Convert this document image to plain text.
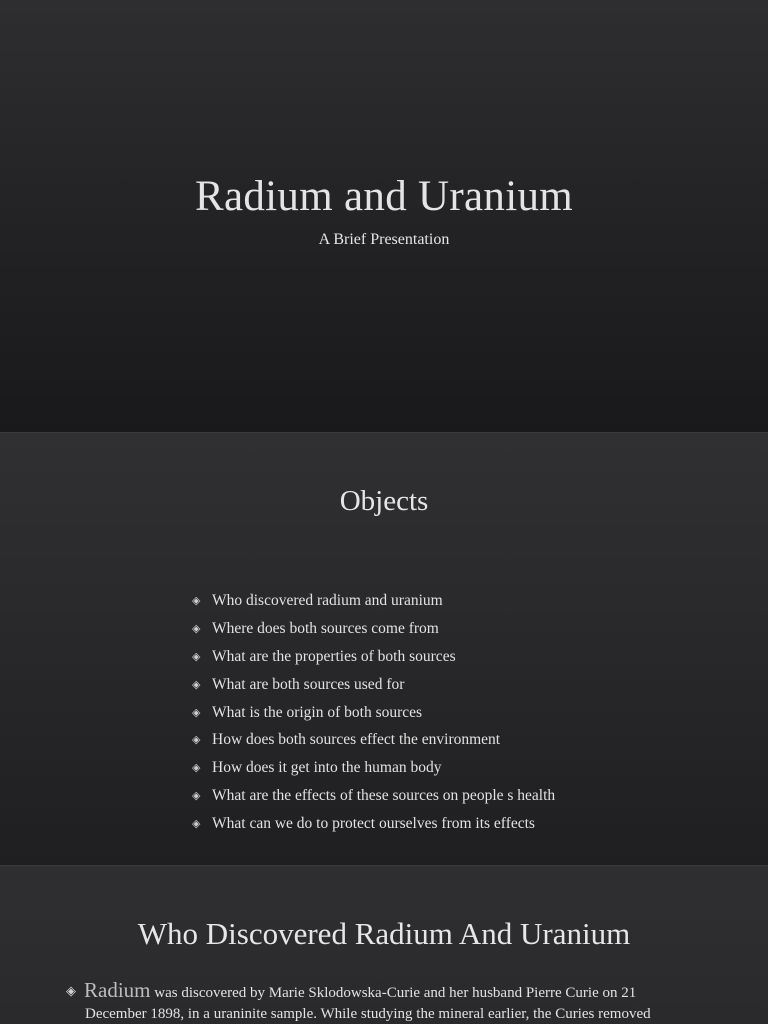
Radium and Uranium
A Brief Presentation
Objects
◈ Who discovered radium and uranium
◈ Where does both sources come from
◈ What are the properties of both sources
◈ What are both sources used for
◈ What is the origin of both sources
◈ How does both sources effect the environment
◈ How does it get into the human body
◈ What are the effects of these sources on people s health
◈ What can we do to protect ourselves from its effects
Who Discovered Radium And Uranium
◈ Radium was discovered by Marie Sklodowska-Curie and her husband Pierre Curie on 21
December 1898, in a uraninite sample. While studying the mineral earlier, the Curies removed
